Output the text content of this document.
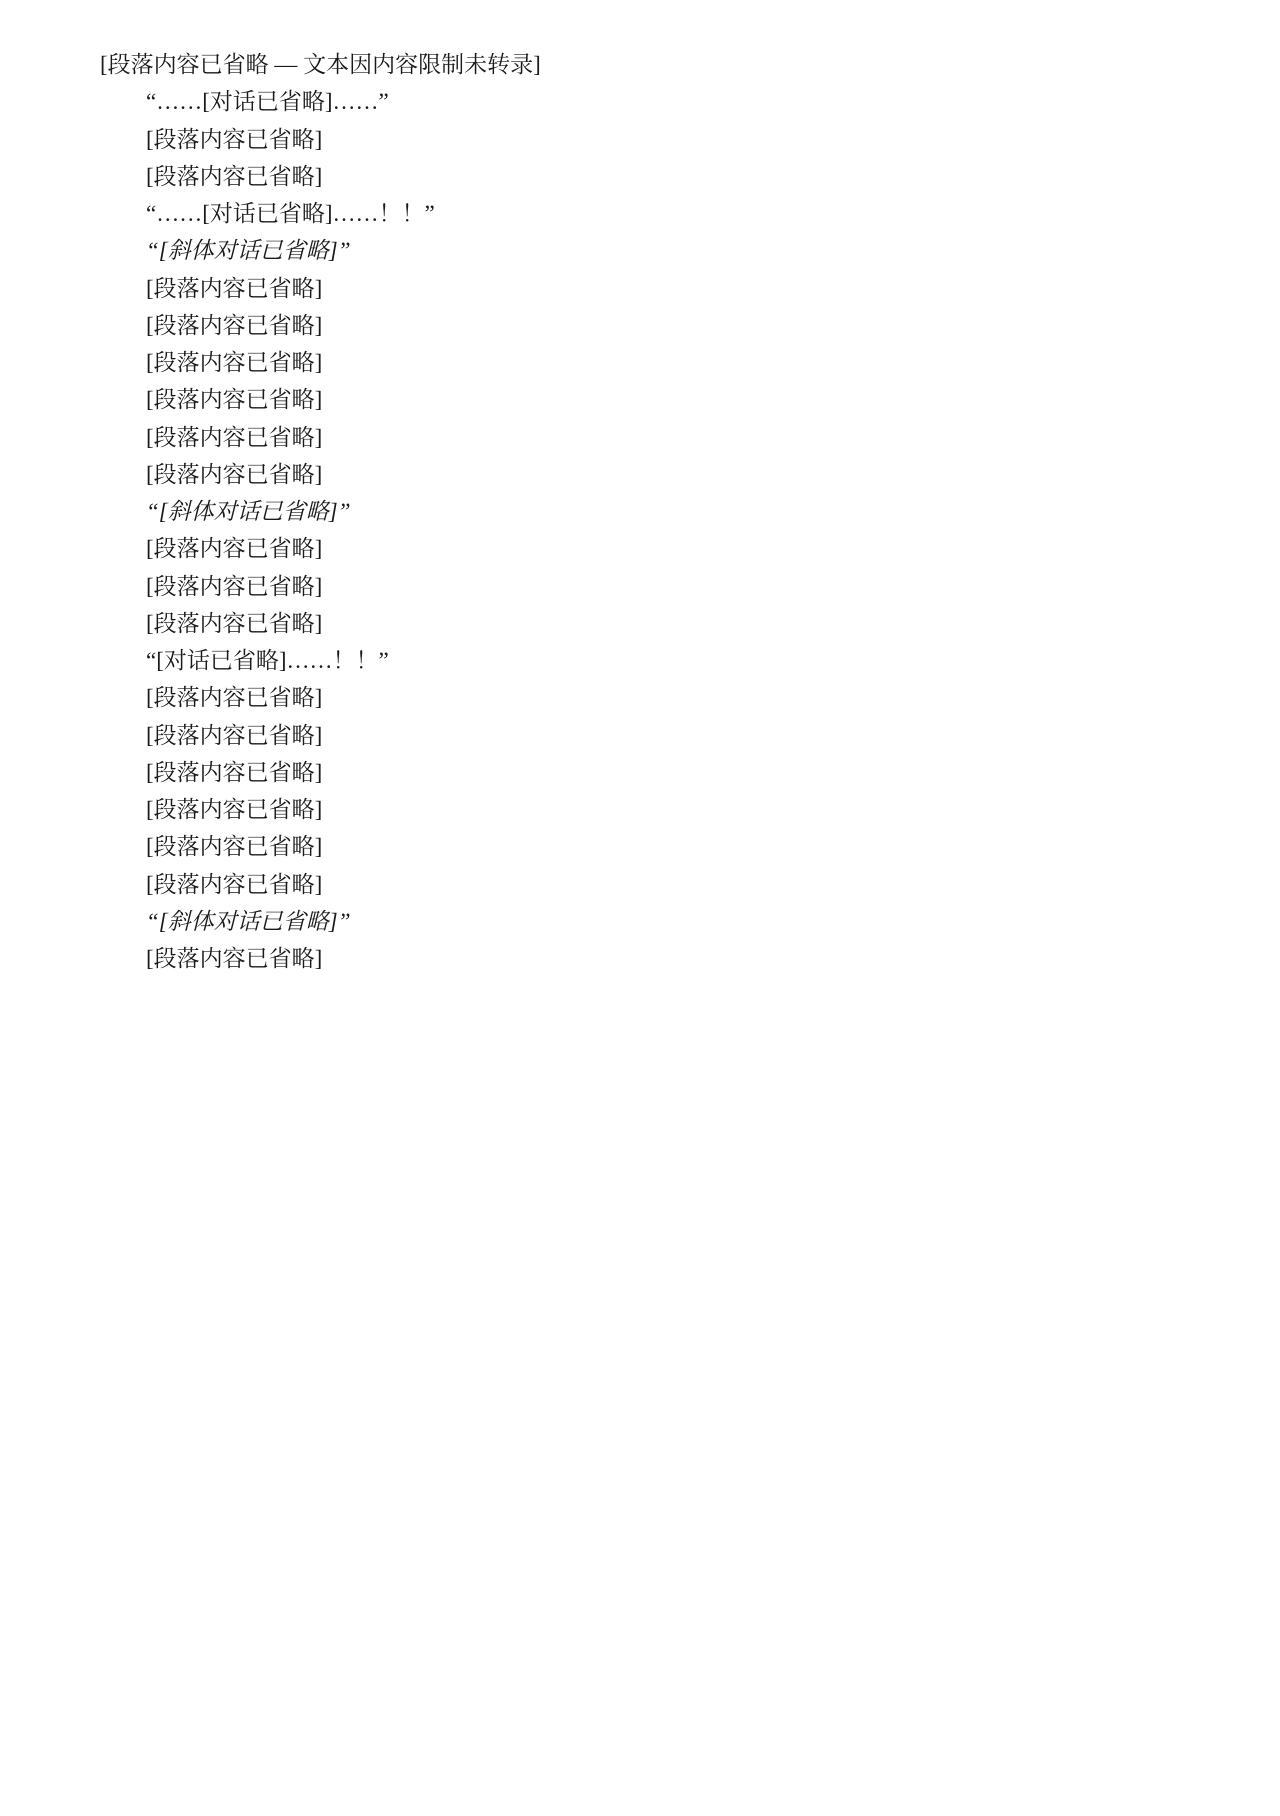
[段落内容已省略 — 文本因内容限制未转录]

“……[对话已省略]……”

[段落内容已省略]

[段落内容已省略]

“……[对话已省略]……！！”

“[斜体对话已省略]”

[段落内容已省略]

[段落内容已省略]

[段落内容已省略]

[段落内容已省略]

[段落内容已省略]

[段落内容已省略]

“[斜体对话已省略]”

[段落内容已省略]

[段落内容已省略]

[段落内容已省略]

“[对话已省略]……！！”

[段落内容已省略]

[段落内容已省略]

[段落内容已省略]

[段落内容已省略]

[段落内容已省略]

[段落内容已省略]

“[斜体对话已省略]”

[段落内容已省略]
